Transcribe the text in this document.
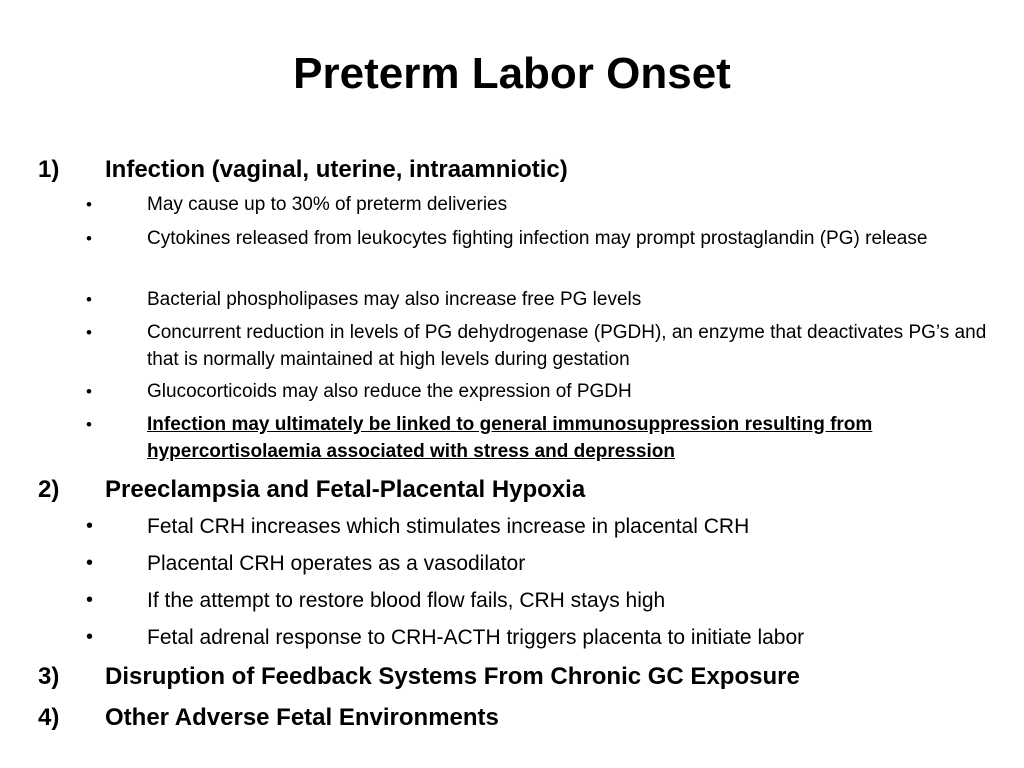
Preterm Labor Onset
1) Infection (vaginal, uterine, intraamniotic)
•	May cause up to 30% of preterm deliveries
•	Cytokines released from leukocytes fighting infection may prompt prostaglandin (PG) release
•	Bacterial phospholipases may also increase free PG levels
•	Concurrent reduction in levels of PG dehydrogenase (PGDH), an enzyme that deactivates PG’s and that is normally maintained at high levels during gestation
•	Glucocorticoids may also reduce the expression of PGDH
•	Infection may ultimately be linked to general immunosuppression resulting from hypercortisolaemia associated with stress and depression
2) Preeclampsia and Fetal-Placental Hypoxia
•	Fetal CRH increases which stimulates increase in placental CRH
•	Placental CRH operates as a vasodilator
•	If the attempt to restore blood flow fails, CRH stays high
•	Fetal adrenal response to CRH-ACTH triggers placenta to initiate labor
3) Disruption of Feedback Systems From Chronic GC Exposure
4) Other Adverse Fetal Environments
